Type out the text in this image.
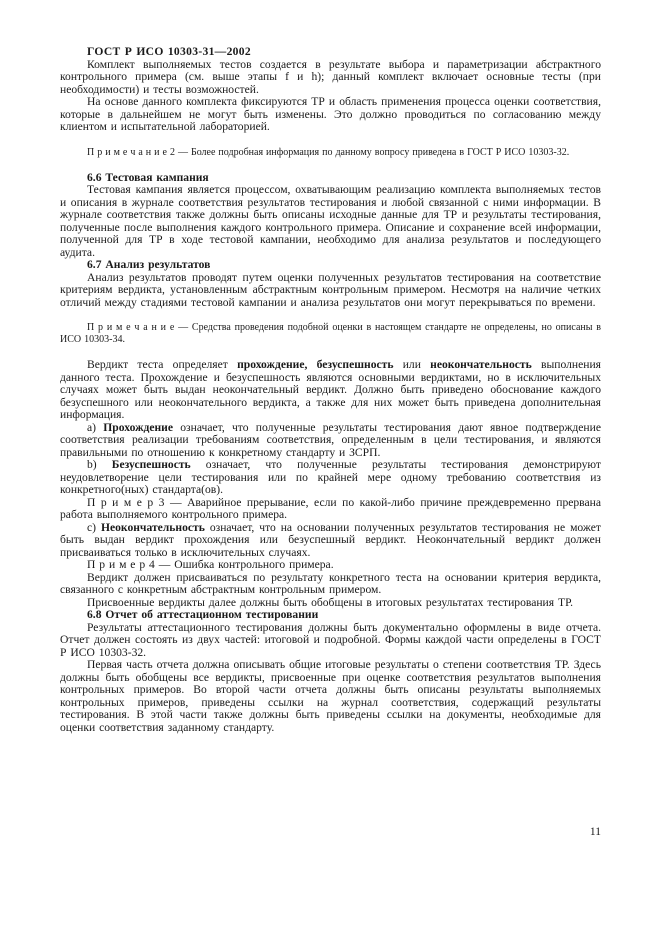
ГОСТ Р ИСО 10303-31—2002

Комплект выполняемых тестов создается в результате выбора и параметризации абстрактного контрольного примера (см. выше этапы f и h); данный комплект включает основные тесты (при необходимости) и тесты возможностей.

На основе данного комплекта фиксируются ТР и область применения процесса оценки соответствия, которые в дальнейшем не могут быть изменены. Это должно проводиться по согласованию между клиентом и испытательной лабораторией.

П р и м е ч а н и е 2 — Более подробная информация по данному вопросу приведена в ГОСТ Р ИСО 10303-32.

6.6 Тестовая кампания

Тестовая кампания является процессом, охватывающим реализацию комплекта выполняемых тестов и описания в журнале соответствия результатов тестирования и любой связанной с ними информации. В журнале соответствия также должны быть описаны исходные данные для ТР и результаты тестирования, полученные после выполнения каждого контрольного примера. Описание и сохранение всей информации, полученной для ТР в ходе тестовой кампании, необходимо для анализа результатов и последующего аудита.

6.7 Анализ результатов

Анализ результатов проводят путем оценки полученных результатов тестирования на соответствие критериям вердикта, установленным абстрактным контрольным примером. Несмотря на наличие четких отличий между стадиями тестовой кампании и анализа результатов они могут перекрываться по времени.

П р и м е ч а н и е — Средства проведения подобной оценки в настоящем стандарте не определены, но описаны в ИСО 10303-34.

Вердикт теста определяет прохождение, безуспешность или неокончательность выполнения данного теста. Прохождение и безуспешность являются основными вердиктами, но в исключительных случаях может быть выдан неокончательный вердикт. Должно быть приведено обоснование каждого безуспешного или неокончательного вердикта, а также для них может быть приведена дополнительная информация.

a) Прохождение означает, что полученные результаты тестирования дают явное подтверждение соответствия реализации требованиям соответствия, определенным в цели тестирования, и являются правильными по отношению к конкретному стандарту и ЗСРП.

b) Безуспешность означает, что полученные результаты тестирования демонстрируют неудовлетворение цели тестирования или по крайней мере одному требованию соответствия из конкретного(ных) стандарта(ов).

П р и м е р 3 — Аварийное прерывание, если по какой-либо причине преждевременно прервана работа выполняемого контрольного примера.

c) Неокончательность означает, что на основании полученных результатов тестирования не может быть выдан вердикт прохождения или безуспешный вердикт. Неокончательный вердикт должен присваиваться только в исключительных случаях.

П р и м е р 4 — Ошибка контрольного примера.

Вердикт должен присваиваться по результату конкретного теста на основании критерия вердикта, связанного с конкретным абстрактным контрольным примером.

Присвоенные вердикты далее должны быть обобщены в итоговых результатах тестирования ТР.

6.8 Отчет об аттестационном тестировании

Результаты аттестационного тестирования должны быть документально оформлены в виде отчета. Отчет должен состоять из двух частей: итоговой и подробной. Формы каждой части определены в ГОСТ Р ИСО 10303-32.

Первая часть отчета должна описывать общие итоговые результаты о степени соответствия ТР. Здесь должны быть обобщены все вердикты, присвоенные при оценке соответствия результатов выполнения контрольных примеров. Во второй части отчета должны быть описаны результаты выполняемых контрольных примеров, приведены ссылки на журнал соответствия, содержащий результаты тестирования. В этой части также должны быть приведены ссылки на документы, необходимые для оценки соответствия заданному стандарту.

11
